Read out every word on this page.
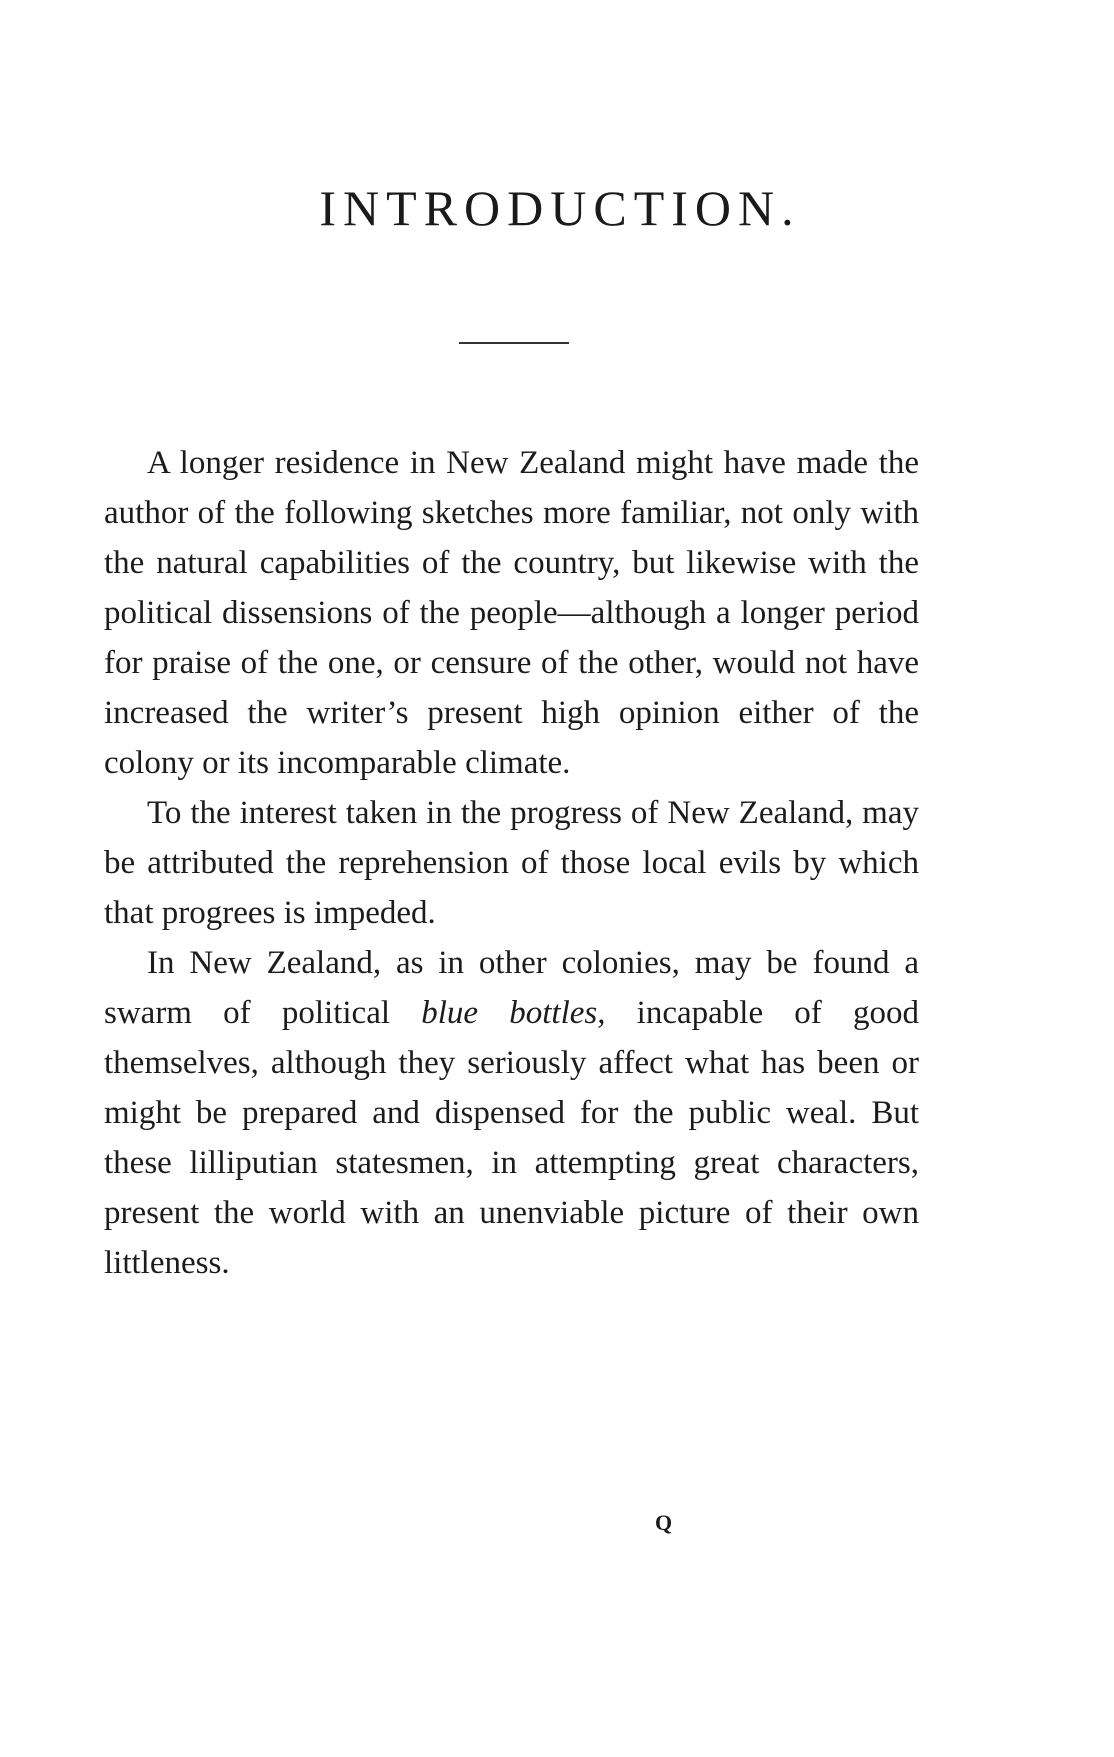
INTRODUCTION.

A longer residence in New Zealand might have made the author of the following sketches more familiar, not only with the natural capabilities of the country, but likewise with the political dissensions of the people—although a longer period for praise of the one, or censure of the other, would not have increased the writer’s present high opinion either of the colony or its incomparable climate.

To the interest taken in the progress of New Zealand, may be attributed the reprehension of those local evils by which that progrees is impeded.

In New Zealand, as in other colonies, may be found a swarm of political blue bottles, incapable of good themselves, although they seriously affect what has been or might be prepared and dispensed for the public weal. But these lilliputian statesmen, in attempting great characters, present the world with an unenviable picture of their own littleness.

Q
